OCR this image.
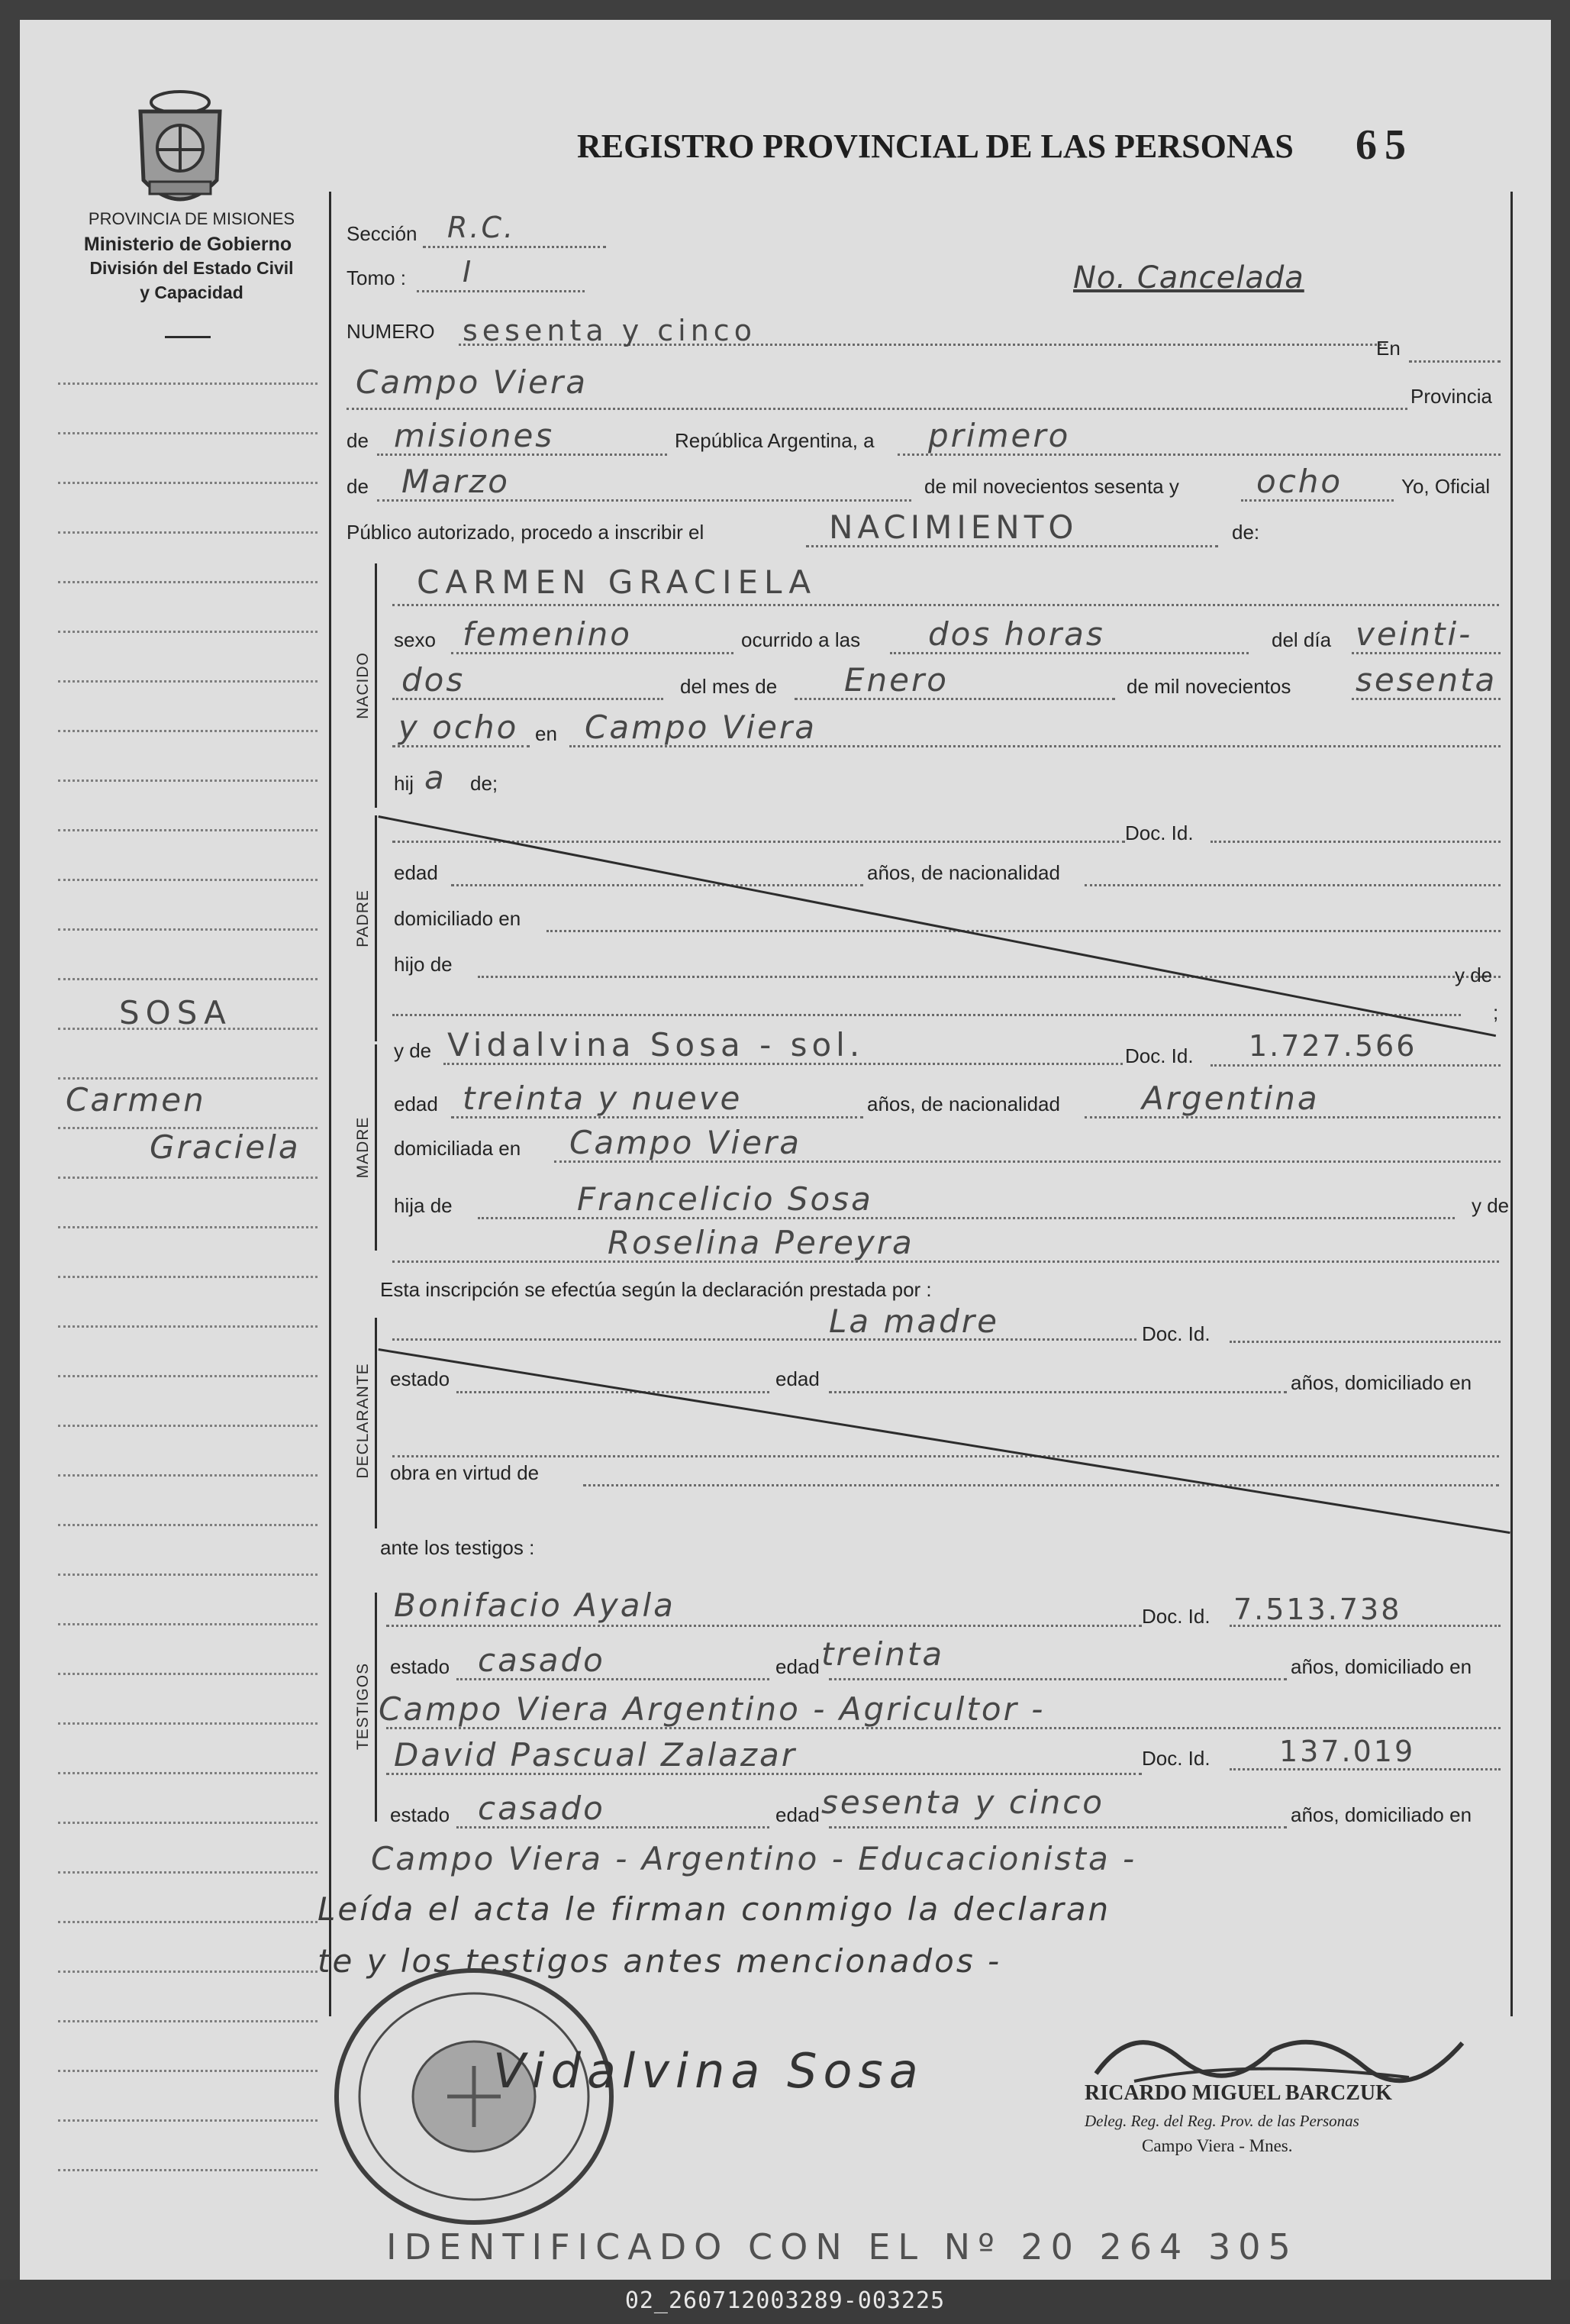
PROVINCIA DE MISIONES
Ministerio de Gobierno
División del Estado Civil
y Capacidad
REGISTRO PROVINCIAL DE LAS PERSONAS 65
No. Cancelada
Sección R.C.
Tomo : I
NUMERO sesenta y cinco
En
Campo Viera	Provincia
de misiones	República Argentina, a primero
de Marzo	de mil novecientos sesenta y ocho	Yo, Oficial
Público autorizado, procedo a inscribir el	NACIMIENTO	de:
NACIDO
CARMEN GRACIELA
sexo femenino	ocurrido a las dos horas	del día veinti-
dos	del mes de Enero	de mil novecientos sesenta
y ocho en Campo Viera
hij a de;
PADRE
Doc. Id.
edad	años, de nacionalidad
domiciliado en
hijo de	y de
;
MADRE
y de Vidalvina Sosa - sol.	Doc. Id. 1.727.566
edad treinta y nueve	años, de nacionalidad	Argentina
domiciliada en Campo Viera
hija de	Francelicio Sosa	y de
Roselina Pereyra
Esta inscripción se efectúa según la declaración prestada por :
DECLARANTE
La madre	Doc. Id.
estado	edad	años, domiciliado en
obra en virtud de
ante los testigos :
TESTIGOS
Bonifacio Ayala	Doc. Id. 7.513.738
estado casado	edad treinta	años, domiciliado en
Campo Viera Argentino - Agricultor -
David Pascual Zalazar	Doc. Id. 137.019
estado casado	edad sesenta y cinco	años, domiciliado en
Campo Viera - Argentino - Educacionista -
Leída el acta le firman conmigo la declaran
te y los testigos antes mencionados -
SOSA
Carmen
Graciela
Vidalvina Sosa	RICARDO MIGUEL BARCZUK
Deleg. Reg. del Reg. Prov. de las Personas
Campo Viera - Mnes.
IDENTIFICADO CON EL Nº 20 264 305
02_260712003289-003225
